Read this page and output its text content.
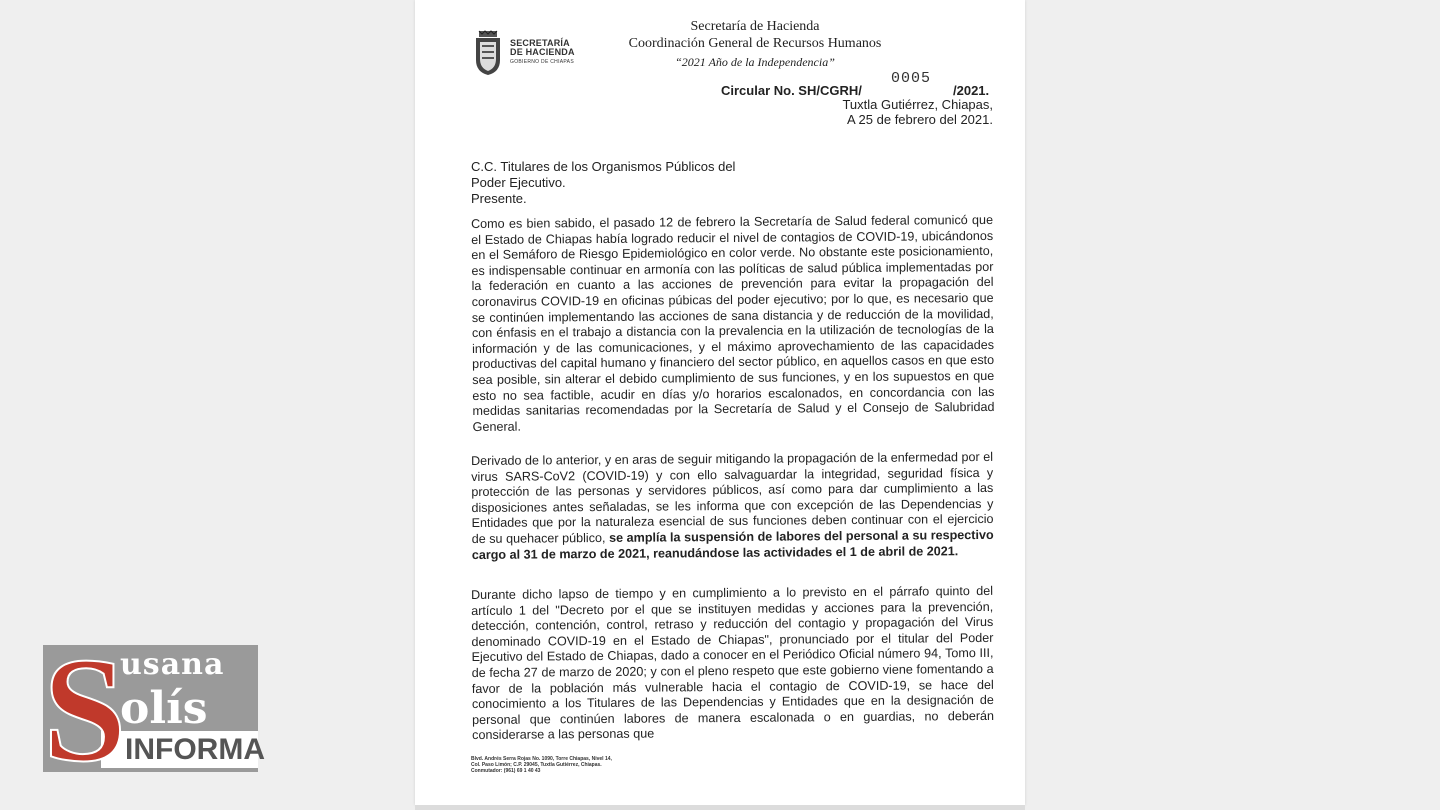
SECRETARÍA
DE HACIENDA
GOBIERNO DE CHIAPAS
Secretaría de Hacienda
Coordinación General de Recursos Humanos
“2021 Año de la Independencia”
Circular No. SH/CGRH/
0005
/2021.
Tuxtla Gutiérrez, Chiapas,
A 25 de febrero del 2021.
C.C. Titulares de los Organismos Públicos del
Poder Ejecutivo.
Presente.
Como es bien sabido, el pasado 12 de febrero la Secretaría de Salud federal comunicó que el Estado de Chiapas había logrado reducir el nivel de contagios de COVID-19, ubicándonos en el Semáforo de Riesgo Epidemiológico en color verde. No obstante este posicionamiento, es indispensable continuar en armonía con las políticas de salud pública implementadas por la federación en cuanto a las acciones de prevención para evitar la propagación del coronavirus COVID-19 en oficinas púbicas del poder ejecutivo; por lo que, es necesario que se continúen implementando las acciones de sana distancia y de reducción de la movilidad, con énfasis en el trabajo a distancia con la prevalencia en la utilización de tecnologías de la información y de las comunicaciones, y el máximo aprovechamiento de las capacidades productivas del capital humano y financiero del sector público, en aquellos casos en que esto sea posible, sin alterar el debido cumplimiento de sus funciones, y en los supuestos en que esto no sea factible, acudir en días y/o horarios escalonados, en concordancia con las medidas sanitarias recomendadas por la Secretaría de Salud y el Consejo de Salubridad General.
Derivado de lo anterior, y en aras de seguir mitigando la propagación de la enfermedad por el virus SARS-CoV2 (COVID-19) y con ello salvaguardar la integridad, seguridad física y protección de las personas y servidores públicos, así como para dar cumplimiento a las disposiciones antes señaladas, se les informa que con excepción de las Dependencias y Entidades que por la naturaleza esencial de sus funciones deben continuar con el ejercicio de su quehacer público, se amplía la suspensión de labores del personal a su respectivo cargo al 31 de marzo de 2021, reanudándose las actividades el 1 de abril de 2021.
Durante dicho lapso de tiempo y en cumplimiento a lo previsto en el párrafo quinto del artículo 1 del "Decreto por el que se instituyen medidas y acciones para la prevención, detección, contención, control, retraso y reducción del contagio y propagación del Virus denominado COVID-19 en el Estado de Chiapas", pronunciado por el titular del Poder Ejecutivo del Estado de Chiapas, dado a conocer en el Periódico Oficial número 94, Tomo III, de fecha 27 de marzo de 2020; y con el pleno respeto que este gobierno viene fomentando a favor de la población más vulnerable hacia el contagio de COVID-19, se hace del conocimiento a los Titulares de las Dependencias y Entidades que en la designación de personal que continúen labores de manera escalonada o en guardias, no deberán considerarse a las personas que
Blvd. Andrés Serra Rojas No. 1090, Torre Chiapas, Nivel 14,
Col. Paso Limón; C.P. 29045, Tuxtla Gutiérrez, Chiapas.
Conmutador: (961) 69 1 40 43
S
usana
olís
INFORMA
